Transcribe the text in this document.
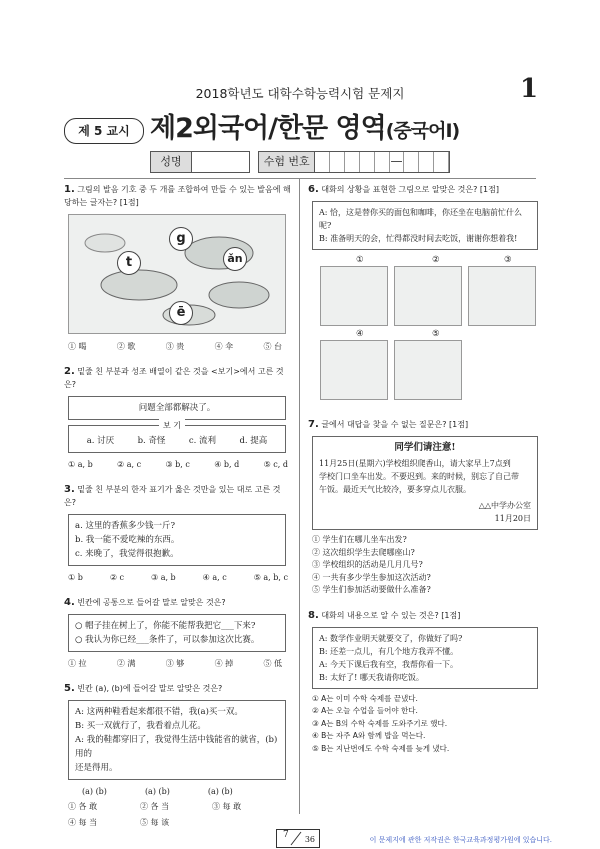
2018학년도 대학수학능력시험 문제지	1
제 5 교시 제2외국어/한문 영역(중국어Ⅰ)
성명	수험 번호	—
1. 그림의 발음 기호 중 두 개를 조합하여 만들 수 있는 발음에 해당하는 글자는? [1점]
g
t	ǎn
ē
① 喝	② 歌	③ 贵	④ 伞	⑤ 台
2. 밑줄 친 부분과 성조 배열이 같은 것을 <보기>에서 고른 것은?
问题全部都解决了。
보 기
a. 讨厌	b. 奇怪	c. 流利	d. 提高
① a, b	② a, c	③ b, c	④ b, d	⑤ c, d
3. 밑줄 친 부분의 한자 표기가 옳은 것만을 있는 대로 고른 것은?
a. 这里的香蕉多少钱一斤?
b. 我一能不爱吃辣的东西。
c. 来晚了，我觉得很抱歉。
① b	② c	③ a, b	④ a, c	⑤ a, b, c
4. 빈칸에 공통으로 들어갈 말로 알맞은 것은?
○ 帽子挂在树上了，你能不能帮我把它___下来?
○ 我认为你已经___条件了，可以参加这次比赛。
① 拉	② 满	③ 够	④ 掉	⑤ 低
5. 빈칸 (a), (b)에 들어갈 말로 알맞은 것은?
A: 这两种鞋看起来都很不错，我(a)买一双。
B: 买一双就行了，我看着点儿花。
A: 我的鞋都穿旧了，我觉得生活中钱能省的就省，(b)用的
还是得用。
(a) (b)	(a) (b)	(a) (b)
① 各 敢	② 各 当	③ 每 敢
④ 每 当	⑤ 每 该
6. 대화의 상황을 표현한 그림으로 알맞은 것은? [1점]
A: 恰，这是替你买的面包和咖啡，你还坐在电脑前忙什么呢?
B: 准备明天的会，忙得都没时间去吃饭，谢谢你想着我!
①	②	③
④	⑤
7. 글에서 대답을 찾을 수 없는 질문은? [1점]
同学们请注意!
11月25日(星期六)学校组织爬香山，请大家早上7点到
学校门口坐车出发。不要迟到。来的时候，别忘了自己带
午饭。最近天气比较冷，要多穿点儿衣服。
△△中学办公室
11月20日
① 学生们在哪儿坐车出发?
② 这次组织学生去爬哪座山?
③ 学校组织的活动是几月几号?
④ 一共有多少学生参加这次活动?
⑤ 学生们参加活动要做什么准备?
8. 대화의 내용으로 알 수 있는 것은? [1점]
A: 数学作业明天就要交了，你做好了吗?
B: 还差一点儿，有几个地方我弄不懂。
A: 今天下课后我有空，我帮你看一下。
B: 太好了! 哪天我请你吃饭。
① A는 이미 수학 숙제를 끝냈다.
② A는 오늘 수업을 들어야 한다.
③ A는 B의 수학 숙제를 도와주기로 했다.
④ B는 자주 A와 함께 밥을 먹는다.
⑤ B는 지난번에도 수학 숙제를 늦게 냈다.
7 36	이 문제지에 관한 저작권은 한국교육과정평가원에 있습니다.
